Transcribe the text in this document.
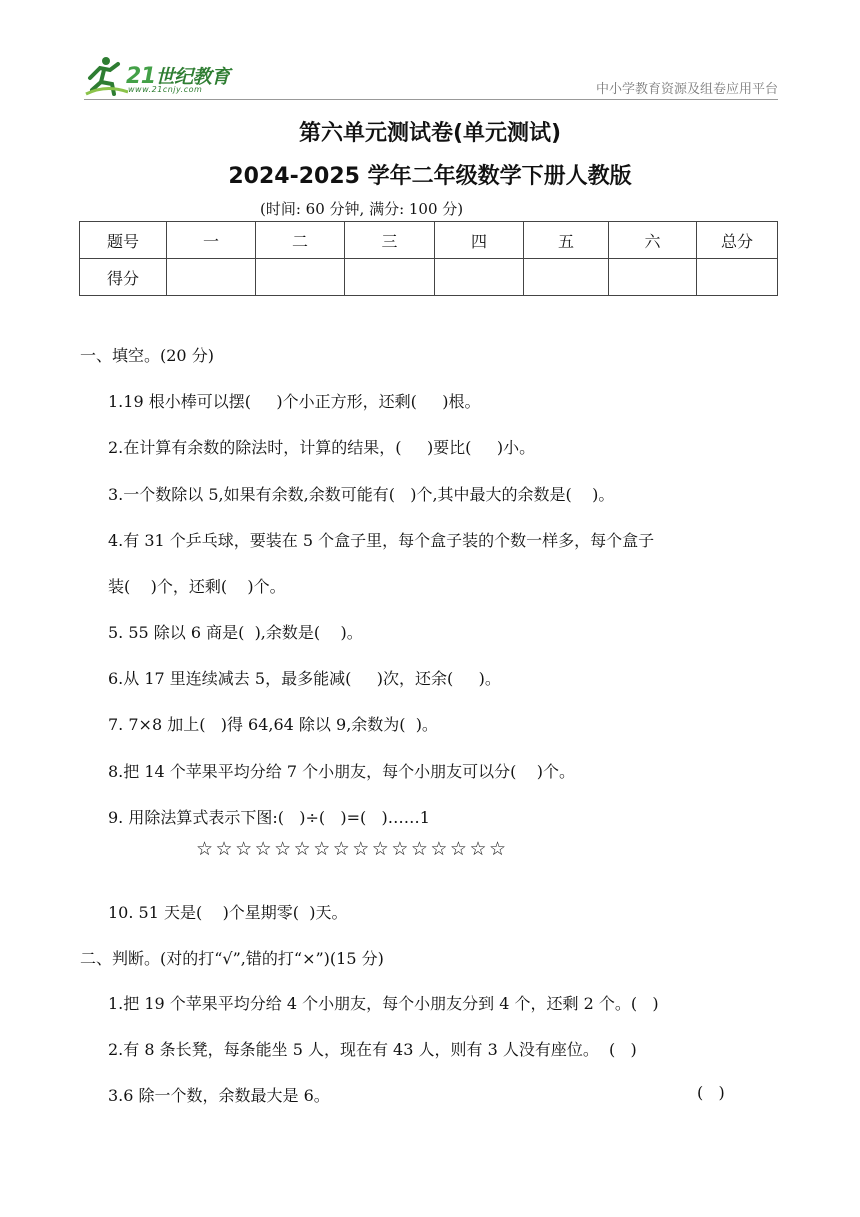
21世纪教育
www.21cnjy.com	中小学教育资源及组卷应用平台
第六单元测试卷(单元测试)
2024-2025 学年二年级数学下册人教版
(时间: 60 分钟, 满分: 100 分)
题号	一	二	三	四	五	六	总分
得分							
一、填空。(20 分)
1.19 根小棒可以摆(     )个小正方形，还剩(     )根。
2.在计算有余数的除法时，计算的结果，(     )要比(     )小。
3.一个数除以 5,如果有余数,余数可能有(   )个,其中最大的余数是(    )。
4.有 31 个乒乓球，要装在 5 个盒子里，每个盒子装的个数一样多，每个盒子
装(    )个，还剩(    )个。
5. 55 除以 6 商是(  ),余数是(    )。
6.从 17 里连续减去 5，最多能减(     )次，还余(     )。
7. 7×8 加上(   )得 64,64 除以 9,余数为(  )。
8.把 14 个苹果平均分给 7 个小朋友，每个小朋友可以分(    )个。
9. 用除法算式表示下图:(   )÷(   )=(   )……1
☆☆☆☆☆☆☆☆☆☆☆☆☆☆☆☆
10. 51 天是(    )个星期零(  )天。
二、判断。(对的打“√”,错的打“×”)(15 分)
1.把 19 个苹果平均分给 4 个小朋友，每个小朋友分到 4 个，还剩 2 个。(   )
2.有 8 条长凳，每条能坐 5 人，现在有 43 人，则有 3 人没有座位。  (   )
3.6 除一个数，余数最大是 6。	(   )
